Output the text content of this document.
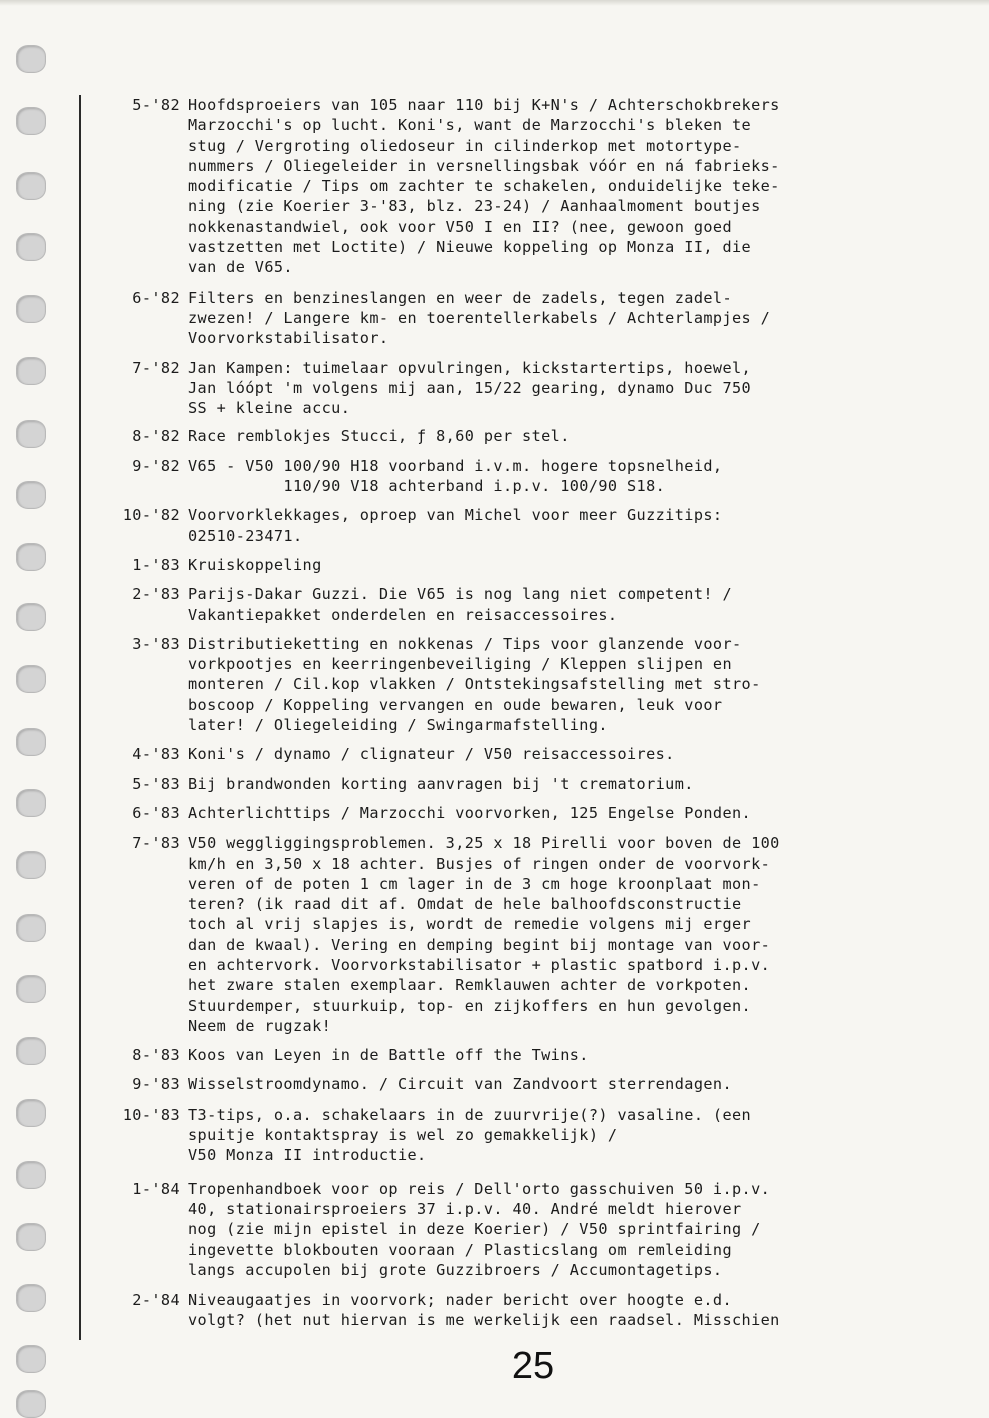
5-'82 Hoofdsproeiers van 105 naar 110 bij K+N's / Achterschokbrekers
Marzocchi's op lucht. Koni's, want de Marzocchi's bleken te
stug / Vergroting oliedoseur in cilinderkop met motortype-
nummers / Oliegeleider in versnellingsbak vóór en ná fabrieks-
modificatie / Tips om zachter te schakelen, onduidelijke teke-
ning (zie Koerier 3-'83, blz. 23-24) / Aanhaalmoment boutjes
nokkenastandwiel, ook voor V50 I en II? (nee, gewoon goed
vastzetten met Loctite) / Nieuwe koppeling op Monza II, die
van de V65.
6-'82 Filters en benzineslangen en weer de zadels, tegen zadel-
zwezen! / Langere km- en toerentellerkabels / Achterlampjes /
Voorvorkstabilisator.
7-'82 Jan Kampen: tuimelaar opvulringen, kickstartertips, hoewel,
Jan lóópt 'm volgens mij aan, 15/22 gearing, dynamo Duc 750
SS + kleine accu.
8-'82 Race remblokjes Stucci, ƒ 8,60 per stel.
9-'82 V65 - V50 100/90 H18 voorband i.v.m. hogere topsnelheid,
110/90 V18 achterband i.p.v. 100/90 S18.
10-'82 Voorvorklekkages, oproep van Michel voor meer Guzzitips:
02510-23471.
1-'83 Kruiskoppeling
2-'83 Parijs-Dakar Guzzi. Die V65 is nog lang niet competent! /
Vakantiepakket onderdelen en reisaccessoires.
3-'83 Distributieketting en nokkenas / Tips voor glanzende voor-
vorkpootjes en keerringenbeveiliging / Kleppen slijpen en
monteren / Cil.kop vlakken / Ontstekingsafstelling met stro-
boscoop / Koppeling vervangen en oude bewaren, leuk voor
later! / Oliegeleiding / Swingarmafstelling.
4-'83 Koni's / dynamo / clignateur / V50 reisaccessoires.
5-'83 Bij brandwonden korting aanvragen bij 't crematorium.
6-'83 Achterlichttips / Marzocchi voorvorken, 125 Engelse Ponden.
7-'83 V50 weggliggingsproblemen. 3,25 x 18 Pirelli voor boven de 100
km/h en 3,50 x 18 achter. Busjes of ringen onder de voorvork-
veren of de poten 1 cm lager in de 3 cm hoge kroonplaat mon-
teren? (ik raad dit af. Omdat de hele balhoofdsconstructie
toch al vrij slapjes is, wordt de remedie volgens mij erger
dan de kwaal). Vering en demping begint bij montage van voor-
en achtervork. Voorvorkstabilisator + plastic spatbord i.p.v.
het zware stalen exemplaar. Remklauwen achter de vorkpoten.
Stuurdemper, stuurkuip, top- en zijkoffers en hun gevolgen.
Neem de rugzak!
8-'83 Koos van Leyen in de Battle off the Twins.
9-'83 Wisselstroomdynamo. / Circuit van Zandvoort sterrendagen.
10-'83 T3-tips, o.a. schakelaars in de zuurvrije(?) vasaline. (een
spuitje kontaktspray is wel zo gemakkelijk) /
V50 Monza II introductie.
1-'84 Tropenhandboek voor op reis / Dell'orto gasschuiven 50 i.p.v.
40, stationairsproeiers 37 i.p.v. 40. André meldt hierover
nog (zie mijn epistel in deze Koerier) / V50 sprintfairing /
ingevette blokbouten vooraan / Plasticslang om remleiding
langs accupolen bij grote Guzzibroers / Accumontagetips.
2-'84 Niveaugaatjes in voorvork; nader bericht over hoogte e.d.
volgt? (het nut hiervan is me werkelijk een raadsel. Misschien
25
